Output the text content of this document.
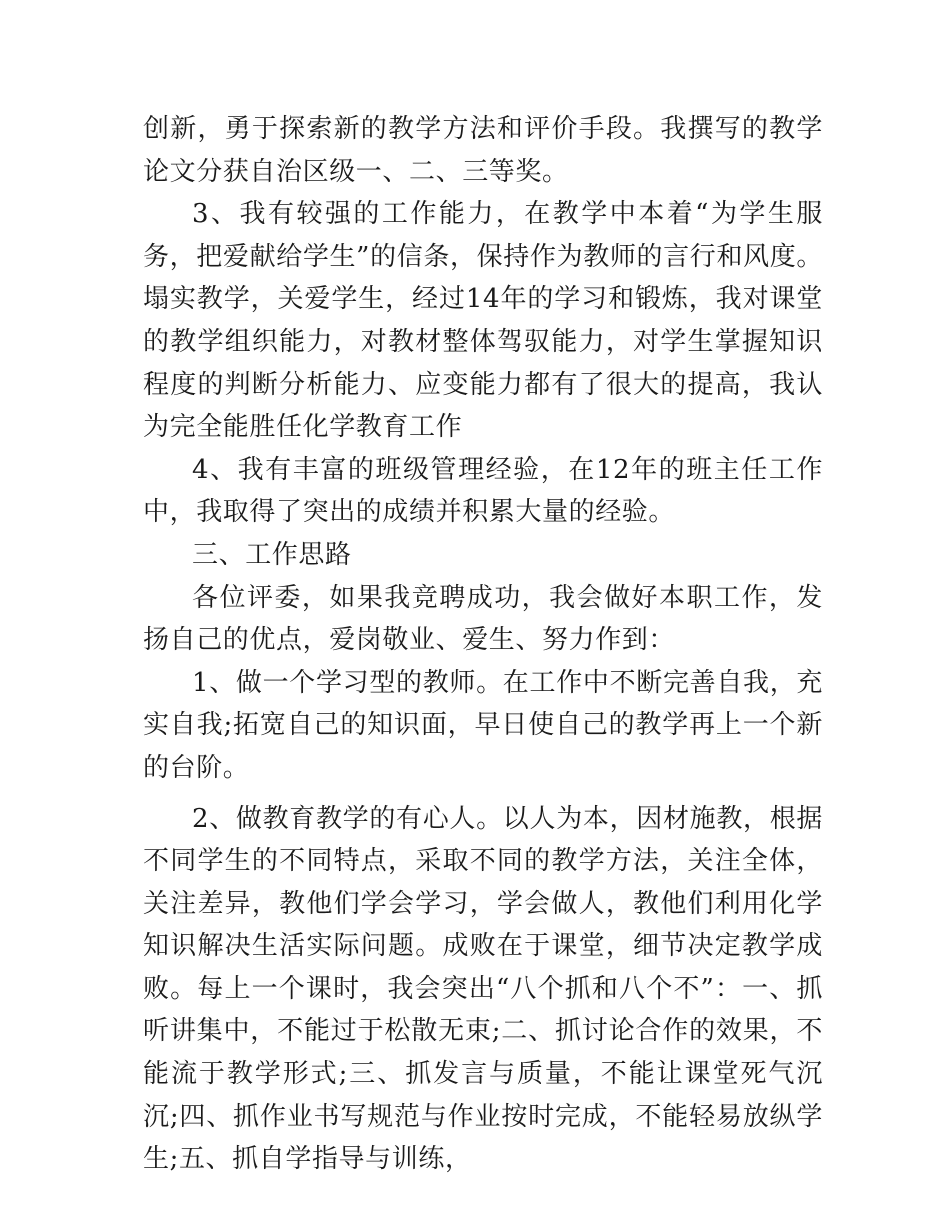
创新，勇于探索新的教学方法和评价手段。我撰写的教学论文分获自治区级一、二、三等奖。

3、我有较强的工作能力，在教学中本着“为学生服务，把爱献给学生”的信条，保持作为教师的言行和风度。塌实教学，关爱学生，经过14年的学习和锻炼，我对课堂的教学组织能力，对教材整体驾驭能力，对学生掌握知识程度的判断分析能力、应变能力都有了很大的提高，我认为完全能胜任化学教育工作

4、我有丰富的班级管理经验，在12年的班主任工作中，我取得了突出的成绩并积累大量的经验。

三、工作思路

各位评委，如果我竞聘成功，我会做好本职工作，发扬自己的优点，爱岗敬业、爱生、努力作到：

1、做一个学习型的教师。在工作中不断完善自我，充实自我;拓宽自己的知识面，早日使自己的教学再上一个新的台阶。

2、做教育教学的有心人。以人为本，因材施教，根据不同学生的不同特点，采取不同的教学方法，关注全体，关注差异，教他们学会学习，学会做人，教他们利用化学知识解决生活实际问题。成败在于课堂，细节决定教学成败。每上一个课时，我会突出“八个抓和八个不”：一、抓听讲集中，不能过于松散无束;二、抓讨论合作的效果，不能流于教学形式;三、抓发言与质量，不能让课堂死气沉沉;四、抓作业书写规范与作业按时完成，不能轻易放纵学生;五、抓自学指导与训练，
